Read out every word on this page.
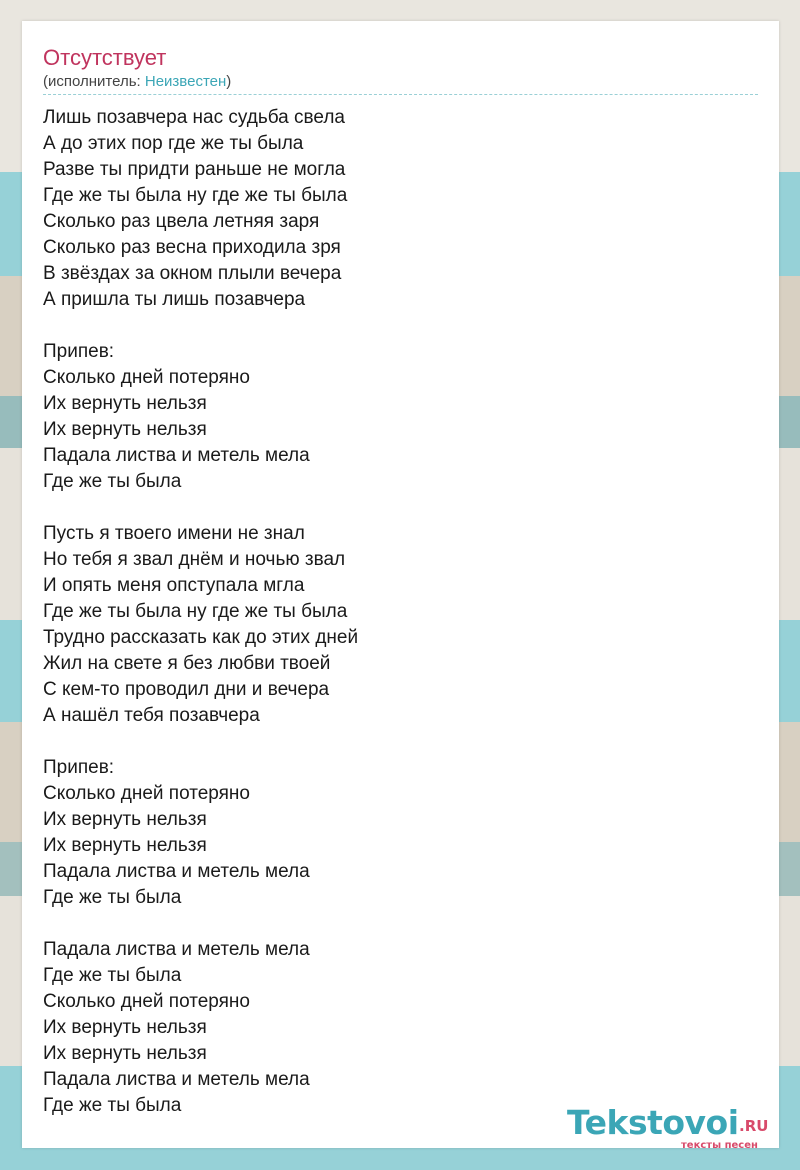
Отсутствует
(исполнитель: Неизвестен)
Лишь позавчера нас судьба свела
А до этих пор где же ты была
Разве ты придти раньше не могла
Где же ты была ну где же ты была
Сколько раз цвела летняя заря
Сколько раз весна приходила зря
В звёздах за окном плыли вечера
А пришла ты лишь позавчера
Припев:
Сколько дней потеряно
Их вернуть нельзя
Их вернуть нельзя
Падала листва и метель мела
Где же ты была
Пусть я твоего имени не знал
Но тебя я звал днём и ночью звал
И опять меня опступала мгла
Где же ты была ну где же ты была
Трудно рассказать как до этих дней
Жил на свете я без любви твоей
С кем-то проводил дни и вечера
А нашёл тебя позавчера
Припев:
Сколько дней потеряно
Их вернуть нельзя
Их вернуть нельзя
Падала листва и метель мела
Где же ты была
Падала листва и метель мела
Где же ты была
Сколько дней потеряно
Их вернуть нельзя
Их вернуть нельзя
Падала листва и метель мела
Где же ты была	Tekstovoi .RU
тексты песен
